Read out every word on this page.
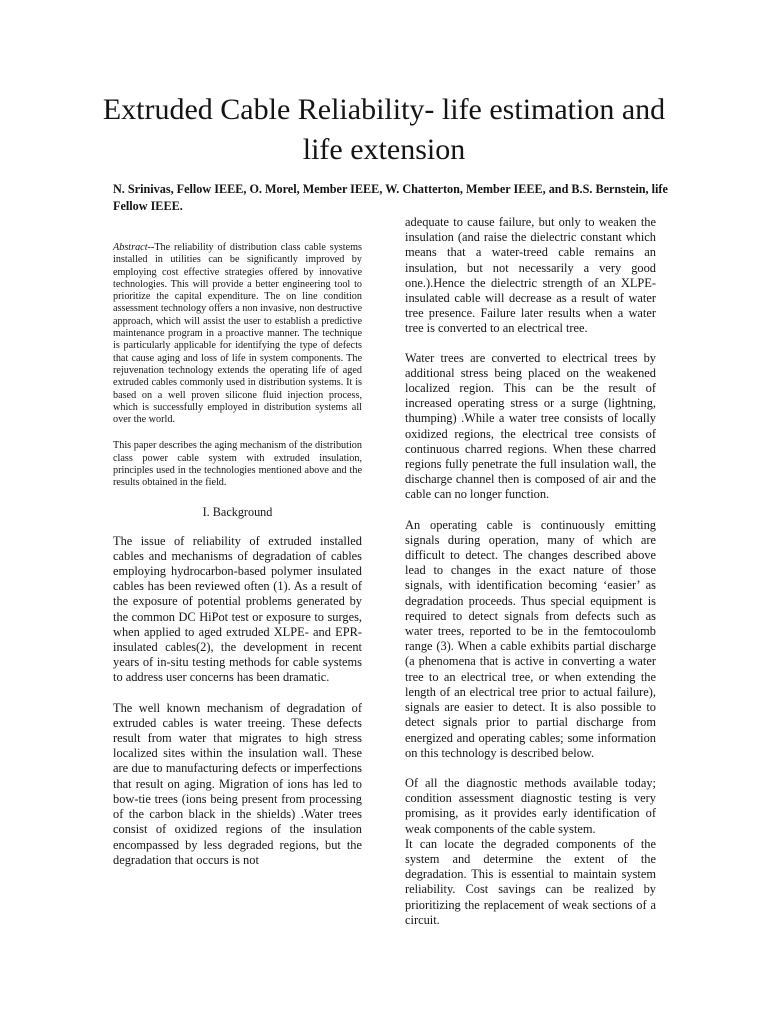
Extruded Cable Reliability- life estimation and life extension

N. Srinivas, Fellow IEEE, O. Morel, Member IEEE, W. Chatterton, Member IEEE, and B.S. Bernstein, life Fellow IEEE.

Abstract--The reliability of distribution class cable systems installed in utilities can be significantly improved by employing cost effective strategies offered by innovative technologies. This will provide a better engineering tool to prioritize the capital expenditure. The on line condition assessment technology offers a non invasive, non destructive approach, which will assist the user to establish a predictive maintenance program in a proactive manner. The technique is particularly applicable for identifying the type of defects that cause aging and loss of life in system components. The rejuvenation technology extends the operating life of aged extruded cables commonly used in distribution systems. It is based on a well proven silicone fluid injection process, which is successfully employed in distribution systems all over the world.

This paper describes the aging mechanism of the distribution class power cable system with extruded insulation, principles used in the technologies mentioned above and the results obtained in the field.

I. Background

The issue of reliability of extruded installed cables and mechanisms of degradation of cables employing hydrocarbon-based polymer insulated cables has been reviewed often (1). As a result of the exposure of potential problems generated by the common DC HiPot test or exposure to surges, when applied to aged extruded XLPE- and EPR-insulated cables(2), the development in recent years of in-situ testing methods for cable systems to address user concerns has been dramatic.

The well known mechanism of degradation of extruded cables is water treeing. These defects result from water that migrates to high stress localized sites within the insulation wall. These are due to manufacturing defects or imperfections that result on aging. Migration of ions has led to bow-tie trees (ions being present from processing of the carbon black in the shields) .Water trees consist of oxidized regions of the insulation encompassed by less degraded regions, but the degradation that occurs is not

adequate to cause failure, but only to weaken the insulation (and raise the dielectric constant which means that a water-treed cable remains an insulation, but not necessarily a very good one.).Hence the dielectric strength of an XLPE-insulated cable will decrease as a result of water tree presence. Failure later results when a water tree is converted to an electrical tree.

Water trees are converted to electrical trees by additional stress being placed on the weakened localized region. This can be the result of increased operating stress or a surge (lightning, thumping) .While a water tree consists of locally oxidized regions, the electrical tree consists of continuous charred regions. When these charred regions fully penetrate the full insulation wall, the discharge channel then is composed of air and the cable can no longer function.

An operating cable is continuously emitting signals during operation, many of which are difficult to detect. The changes described above lead to changes in the exact nature of those signals, with identification becoming ‘easier’ as degradation proceeds. Thus special equipment is required to detect signals from defects such as water trees, reported to be in the femtocoulomb range (3). When a cable exhibits partial discharge (a phenomena that is active in converting a water tree to an electrical tree, or when extending the length of an electrical tree prior to actual failure), signals are easier to detect. It is also possible to detect signals prior to partial discharge from energized and operating cables; some information on this technology is described below.

Of all the diagnostic methods available today; condition assessment diagnostic testing is very promising, as it provides early identification of weak components of the cable system.

It can locate the degraded components of the system and determine the extent of the degradation. This is essential to maintain system reliability. Cost savings can be realized by prioritizing the replacement of weak sections of a circuit.
